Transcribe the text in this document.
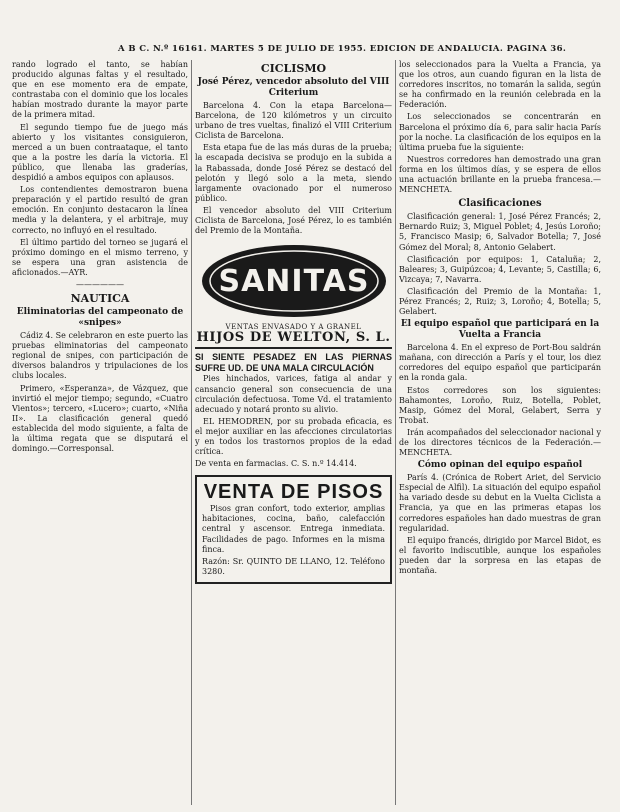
A B C. N.º 16161. MARTES 5 DE JULIO DE 1955. EDICION DE ANDALUCIA. PAGINA 36.

rando logrado el tanto, se habían producido algunas faltas y el resultado, que en ese momento era de empate, contrastaba con el dominio que los locales habían mostrado durante la mayor parte de la primera mitad.

El segundo tiempo fue de juego más abierto y los visitantes consiguieron, merced a un buen contraataque, el tanto que a la postre les daría la victoria. El público, que llenaba las graderías, despidió a ambos equipos con aplausos.

Los contendientes demostraron buena preparación y el partido resultó de gran emoción. En conjunto destacaron la línea media y la delantera, y el arbitraje, muy correcto, no influyó en el resultado.

El último partido del torneo se jugará el próximo domingo en el mismo terreno, y se espera una gran asistencia de aficionados.—AYR.

——————
NAUTICA
Eliminatorias del campeonato de «snipes»

Cádiz 4. Se celebraron en este puerto las pruebas eliminatorias del campeonato regional de snipes, con participación de diversos balandros y tripulaciones de los clubs locales.

Primero, «Esperanza», de Vázquez, que invirtió el mejor tiempo; segundo, «Cuatro Vientos»; tercero, «Lucero»; cuarto, «Niña II». La clasificación general quedó establecida del modo siguiente, a falta de la última regata que se disputará el domingo.—Corresponsal.

CICLISMO
José Pérez, vencedor absoluto del VIII Criterium

Barcelona 4. Con la etapa Barcelona—Barcelona, de 120 kilómetros y un circuito urbano de tres vueltas, finalizó el VIII Criterium Ciclista de Barcelona.

Esta etapa fue de las más duras de la prueba; la escapada decisiva se produjo en la subida a la Rabassada, donde José Pérez se destacó del pelotón y llegó solo a la meta, siendo largamente ovacionado por el numeroso público.

El vencedor absoluto del VIII Criterium Ciclista de Barcelona, José Pérez, lo es también del Premio de la Montaña.

SANITAS
VENTAS ENVASADO Y A GRANEL
HIJOS DE WELTON, S. L.
SI SIENTE PESADEZ EN LAS PIERNAS SUFRE UD. DE UNA MALA CIRCULACIÓN

Pies hinchados, varices, fatiga al andar y cansancio general son consecuencia de una circulación defectuosa. Tome Vd. el tratamiento adecuado y notará pronto su alivio.

EL HEMODREN, por su probada eficacia, es el mejor auxiliar en las afecciones circulatorias y en todos los trastornos propios de la edad crítica.

De venta en farmacias. C. S. n.º 14.414.

VENTA DE PISOS

Pisos gran confort, todo exterior, amplias habitaciones, cocina, baño, calefacción central y ascensor. Entrega inmediata. Facilidades de pago. Informes en la misma finca.

Razón: Sr. QUINTO DE LLANO, 12. Teléfono 3280.

los seleccionados para la Vuelta a Francia, ya que los otros, aun cuando figuran en la lista de corredores inscritos, no tomarán la salida, según se ha confirmado en la reunión celebrada en la Federación.

Los seleccionados se concentrarán en Barcelona el próximo día 6, para salir hacia París por la noche. La clasificación de los equipos en la última prueba fue la siguiente:

Nuestros corredores han demostrado una gran forma en los últimos días, y se espera de ellos una actuación brillante en la prueba francesa.—MENCHETA.

Clasificaciones

Clasificación general: 1, José Pérez Francés; 2, Bernardo Ruiz; 3, Miguel Poblet; 4, Jesús Loroño; 5, Francisco Masip; 6, Salvador Botella; 7, José Gómez del Moral; 8, Antonio Gelabert.

Clasificación por equipos: 1, Cataluña; 2, Baleares; 3, Guipúzcoa; 4, Levante; 5, Castilla; 6, Vizcaya; 7, Navarra.

Clasificación del Premio de la Montaña: 1, Pérez Francés; 2, Ruiz; 3, Loroño; 4, Botella; 5, Gelabert.

El equipo español que participará en la Vuelta a Francia

Barcelona 4. En el expreso de Port-Bou saldrán mañana, con dirección a París y el tour, los diez corredores del equipo español que participarán en la ronda gala.

Estos corredores son los siguientes: Bahamontes, Loroño, Ruiz, Botella, Poblet, Masip, Gómez del Moral, Gelabert, Serra y Trobat.

Irán acompañados del seleccionador nacional y de los directores técnicos de la Federación.—MENCHETA.

Cómo opinan del equipo español

París 4. (Crónica de Robert Ariet, del Servicio Especial de Alfil). La situación del equipo español ha variado desde su debut en la Vuelta Ciclista a Francia, ya que en las primeras etapas los corredores españoles han dado muestras de gran regularidad.

El equipo francés, dirigido por Marcel Bidot, es el favorito indiscutible, aunque los españoles pueden dar la sorpresa en las etapas de montaña.
